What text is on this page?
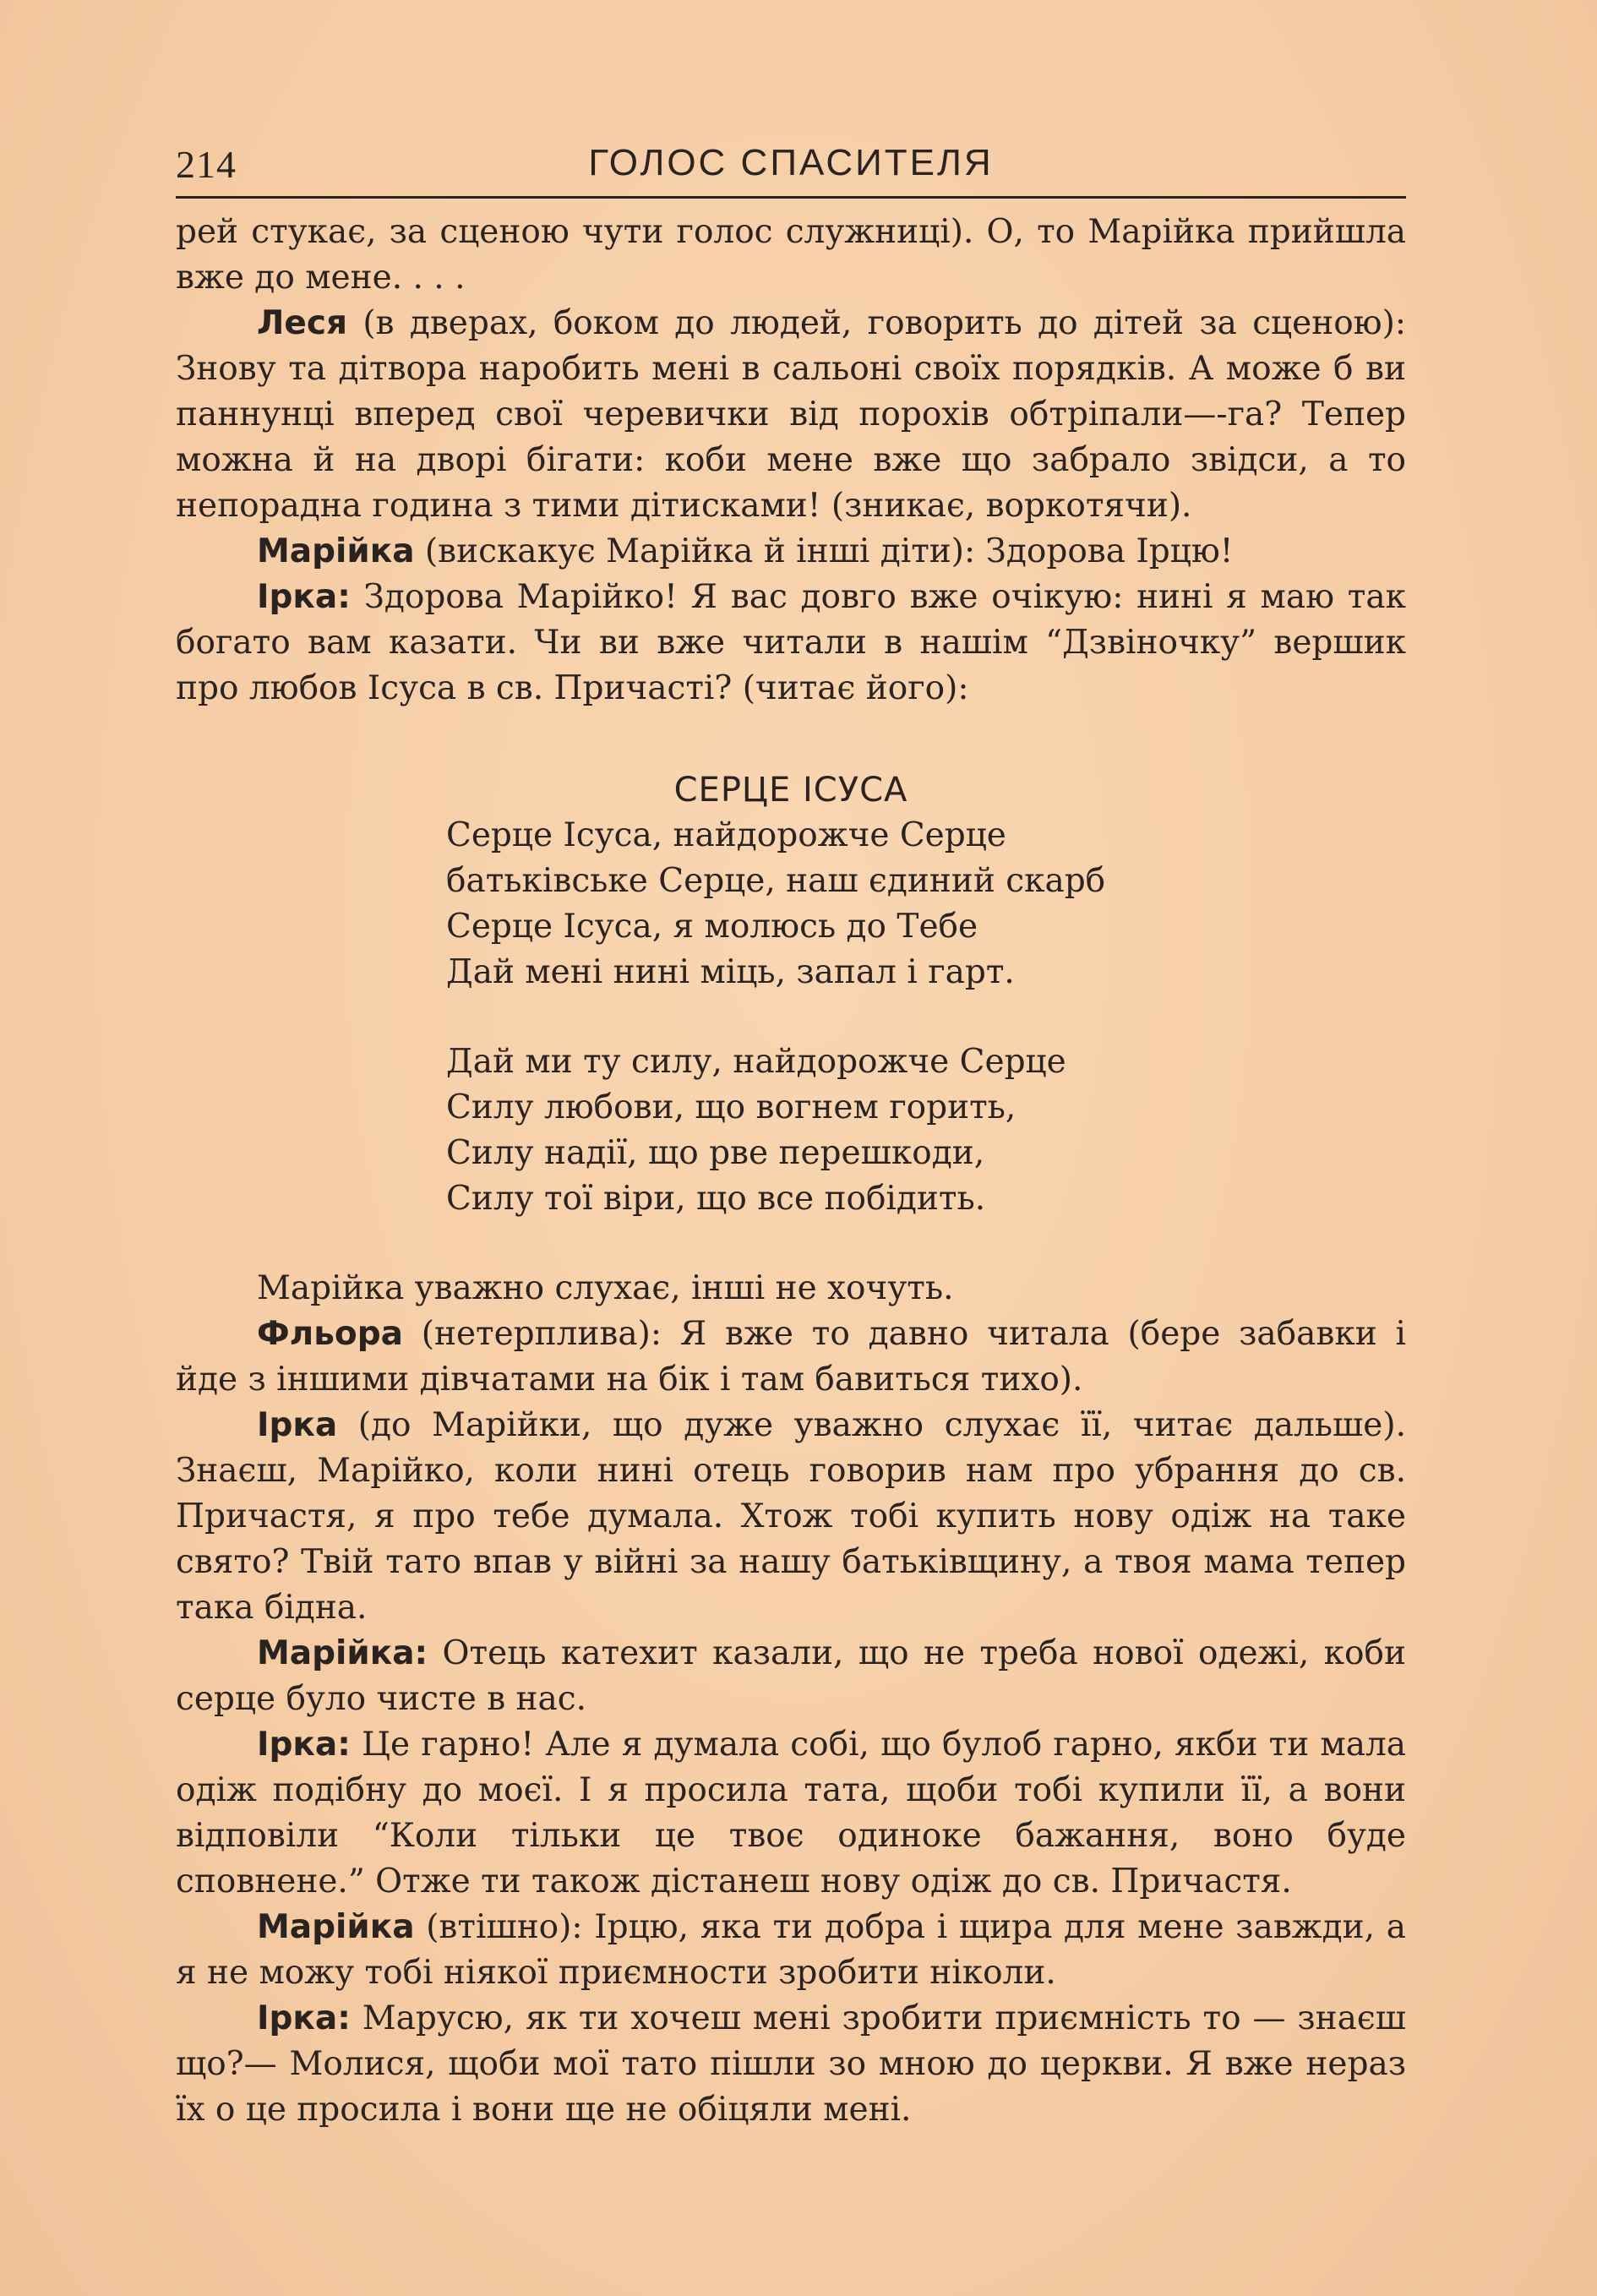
214	ГОЛОС СПАСИТЕЛЯ

рей стукає, за сценою чути голос служниці). О, то Марійка прийшла вже до мене. . . .

Леся (в дверах, боком до людей, говорить до дітей за сценою): Знову та дітвора наробить мені в сальоні своїх порядків. А може б ви паннунці вперед свої черевички від порохів обтріпали—-га? Тепер можна й на дворі бігати: коби мене вже що забрало звідси, а то непорадна година з тими дітисками! (зникає, воркотячи).

Марійка (вискакує Марійка й інші діти): Здорова Ірцю!

Ірка: Здорова Марійко! Я вас довго вже очікую: нині я маю так богато вам казати. Чи ви вже читали в нашім “Дзвіночку” вершик про любов Ісуса в св. Причасті? (читає його):

СЕРЦЕ ІСУСА
Серце Ісуса, найдорожче Серце
батьківське Серце, наш єдиний скарб
Серце Ісуса, я молюсь до Тебе
Дай мені нині міць, запал і гарт.
Дай ми ту силу, найдорожче Серце
Силу любови, що вогнем горить,
Силу надії, що рве перешкоди,
Силу тої віри, що все побідить.

Марійка уважно слухає, інші не хочуть.

Фльора (нетерплива): Я вже то давно читала (бере забавки і йде з іншими дівчатами на бік і там бавиться тихо).

Ірка (до Марійки, що дуже уважно слухає її, читає дальше). Знаєш, Марійко, коли нині отець говорив нам про убрання до св. Причастя, я про тебе думала. Хтож тобі купить нову одіж на таке свято? Твій тато впав у війні за нашу батьківщину, а твоя мама тепер така бідна.

Марійка: Отець катехит казали, що не треба нової одежі, коби серце було чисте в нас.

Ірка: Це гарно! Але я думала собі, що булоб гарно, якби ти мала одіж подібну до моєї. І я просила тата, щоби тобі купили її, а вони відповіли “Коли тільки це твоє одиноке бажання, воно буде сповнене.” Отже ти також дістанеш нову одіж до св. Причастя.

Марійка (втішно): Ірцю, яка ти добра і щира для мене завжди, а я не можу тобі ніякої приємности зробити ніколи.

Ірка: Марусю, як ти хочеш мені зробити приємність то — знаєш що?— Молися, щоби мої тато пішли зо мною до церкви. Я вже нераз їх о це просила і вони ще не обіцяли мені.
